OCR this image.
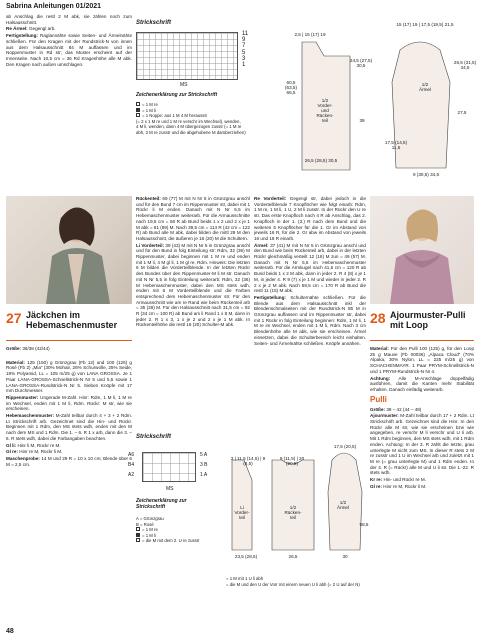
Sabrina Anleitungen 01/2021

ab Anschlag die restl 2 M abk, sie zählen noch zum Halsausschnitt.

Re Ärmel: Gegengl arb.

Fertigstellung: Raglannähte sowie Seiten- und Ärmelnähte schließen. Für den Kragen mit der Rundstrick-N von innen aus dem Halsausschnitt 84 M auffassen und im Noppenmuster in Rd str; das Muster erscheint auf der Innenseite. Nach 10,5 cm = 36 Rd Kragenhöhe alle M abk. Den Kragen nach außen umschlagen.

Strickschrift
11
9
7
5
3
1
MS
Zeichenerklärung zur Strickschrift
= 1 M re
= 1 M li
= 1 Noppe: aus 1 M 4 M herausstr
(= 2 x 1 M re und 1 M re verschr im Wechsel), wenden,
4 M li, wenden, dann 4 M übergezogen zusstr (= 1 M re
abh, 3 M re zusstr und die abgehobene M darüberziehen)
1/2
Vorder-
und
Rücken-
teil
1/2
Ärmel
2,5 | 15 (17) 19
15 (17) 19 | 17,5 (19,5) 21,5
26,5 (28,5) 30,5
24,5 (27,5) 30,5
60,5 (63,5) 66,5
39
9 (30,5) 34,5
26,5 (31,5) 34,5
17,5 (14,5) 11,5
27,5
27 Jäckchen im Hebemaschenmuster

Größe: 36/38 (42/44)

Material: 125 (150) g Grünzgrau (Fb 12) und 100 (125) g Rosé (Fb 2) „Mia“ (30% Mohair, 26% Schurwolle, 25% Seide, 19% Polyamid, LL = 105 m/25 g) von LANA GROSSA. Je 1 Paar LANA-GROSSA-Schnellstrick-N Nr 5 und 5,5 sowie 1 LANA-GROSSA-Rundstrick-N Nr 5. Sieben Knöpfe mit 17 mm Durchmesser.

Rippenmuster: Ungerade M-Zahl. Hinr: Rdm, 1 M li, 1 M re im Wechsel, enden mit 1 M li, Rdm. Rückr: M str, wie sie erscheinen.

Hebemaschenmuster: M-Zahl teilbar durch 4 + 3 + 2 Rdm. Lt Strickschrift arb. Gezeichnet sind die Hin- und Rückr. Beginnen mit 1 Rdm, den MS stets wdh, enden mit den M nach dem MS und 1 Rdm. Die 1. – 6. R 1 x arb, dann die 3. – 6. R stets wdh, dabei die Farbangaben beachten.

Gl li: Hinr li M, Rückr re M.

Gl re: Hinr re M, Rückr li M.

Maschenprobe: 14 M und 29 R = 10 x 10 cm; Blende über 6 M = 2,5 cm.

Rückenteil: 69 (77) M mit N Nr 5 in Grünzgrau anschl und für den Bund 7 cm im Rippenmuster str, dabei mit 1 Rückr li M enden. Danach mit N Nr 5,5 im Hebemaschenmuster weiterarb. Für die Armausschnitte nach 19,5 cm = 56 R ab Bund beids 1 x 2 und 2 x je 1 M abk = 61 (69) M. Nach 39,5 cm = 114 R (42 cm = 122 R) ab Bund alle M abk, dabei bilden die mittl 29 M den Halsausschnitt, die äußeren je 16 (20) M die Schultern.

Li Vorderteil: 39 (43) M mit N Nr 5 in Grünzgrau anschl und für den Bund in folg Einteilung str: Rdm, 32 (36) M Rippenmuster, dabei beginnen mit 1 M re und enden mit 1 M li, 4 M gl li, 1 M gl re, Rdm. Hinweis: Die letzten 6 M bilden die Vorderteilblende. In der letzten Rückr des Bundes über den Rippenmuster-M li M str. Danach mit N Nr 5,5 in folg Einteilung weiterarb: Rdm, 32 (36) M Hebemaschenmuster, dabei den MS stets wdh, enden mit 6 M Vorderteilblende und die Farben entsprechend dem Hebemaschenmuster str. Für den Armausschnitt wie am re Rand wie beim Rückenteil arb = 35 (39) M. Für den Halsausschnitt nach 31,5 cm = 92 R (34 cm = 100 R) ab Bund am li Rand 1 x 8 M, dann in jeder 2. R 1 x 3, 1 x je 2 und 2 x je 1 M abk. In Rückenteilhöhe die restl 16 (20) Schulter-M abk.

Re Vorderteil: Gegengl str, dabei jedoch in die Vorderteilblende 7 Knopflöcher wie folgt einarb: Rdm, 1 M re, 1 M li, 1 U, 2 M li zusstr. In der Rückr den U re str. Das erste Knopfloch nach 4 R ab Anschlag, das 2. Knopfloch in der 1. (3.) R nach dem Bund und die weiteren 5 Knopflöcher für die 1. Gr im Abstand von jeweils 16 R, für die 2. Gr abw im Abstand von jeweils 16 und 18 R einarb.

Ärmel: 37 (41) M mit N Nr 5 in Grünzgrau anschl und den Bund wie beim Rückenteil arb, dabei in der letzten Rückr gleichmäßig verteilt 12 (16) M zun = 49 (57) M. Danach mit N Nr 5,5 im Hebemaschenmuster weiterarb. Für die Armkugel nach 41,5 cm = 120 R ab Bund beids 1 x 2 M abk, dann in jeder 2. R 4 (8) x je 1 M, in jeder 4. R 9 (7) x je 1 M und wieder in jeder 2. R 2 x je 2 M abk. Nach 58,5 cm = 170 R ab Bund die restl 11 (15) M abk.

Fertigstellung: Schulternähte schließen. Für die Blende aus dem Halsausschnitt inkl der Blendenschmalseiten mit der Rundstrick-N 85 M in Grünzgrau auffassen und im Rippenmuster str, dabei mit 1 Rückr in folg Einteilung beginnen: Rdm, 1 M li, 1 M re im Wechsel, enden mit 1 M li, Rdm. Nach 3 cm Blendenhöhe alle M abk, wie sie erscheinen. Ärmel einsetzen, dabei die Schulterbereich leicht einhalten. Seiten- und Ärmelnähte schließen. Knöpfe annähen.

28 Ajourmuster-Pulli mit Loop

Material: Für den Pulli 100 (125) g, für den Loop 25 g Mauve (Fb 00036) „Alpaca Cloud“ (70% Alpaka, 30% Nylon, LL = 225 m/25 g) von SCHACHENMAYR. 1 Paar PRYM-Schnellstrick-N und 1 PRYM-Rundstrick-N Nr 4.

Achtung: Alle M-Anschläge doppelfädig ausführen, damit die Kanten mehr Stabilität erhalten. Danach einfädig weiterarb.

Pulli

Größe: 38 – 42 (44 – 48)

Ajourmuster: M-Zahl teilbar durch 17 + 2 Rdm. Lt Strickschrift arb. Gezeichnet sind die Hinr. In den Rückr alle M str, wie sie erscheinen bzw wie angegeben, re verschr M li verschr und U li arb. Mit 1 Rdm beginnen, den MS stets wdh, mit 1 Rdm enden. Achtung: In der 3. R zählt die letzte, grau unterlegte M nicht zum MS. In dieser R stets 2 M re zusstr und 1 U im Wechsel arb und zuletzt mit 1 M re (= grau unterlegte M) und 1 Rdm enden. In der 4. R (= Rückr) alle M und U li str. Die 1.-22. R stets wdh.

Kr re: Hin- und Rückr re M.

Gl re: Hinr re M, Rückr li M.

Strickschrift
A6
B4
A2
5 A
3 B
1 A
MS
Zeichenerklärung zur Strickschrift
A = Grünzgrau
B = Rosé
= 1 M re
= 1 M li
= die M mit dem 2. U re zusstr
Li
Vorder-
teil
1/2
Rücken-
teil
1/2
Ärmel
3 | 11,5 (14,5) | 9 (8,5)
9 (11,5) | 20 (20,5)
17,5 (20,5)
58,5
26,5
23,5 (28,5)	30
= 1 M mit 1 U li abh
= die M und den U der Vorr mit einem neuen U li abh (= 2 U auf der N)
48
